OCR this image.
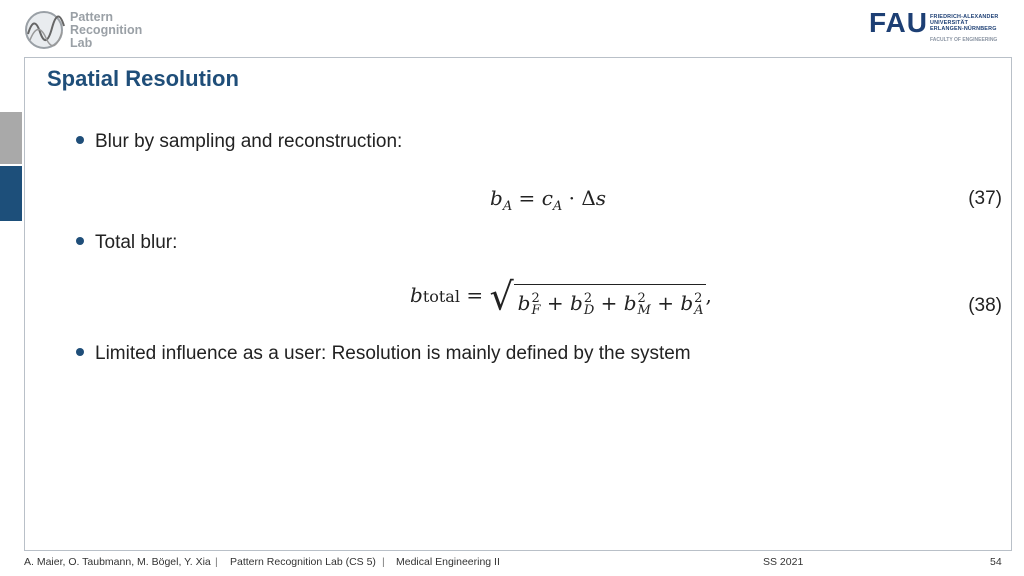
Pattern
Recognition
Lab
FAU FRIEDRICH-ALEXANDER
UNIVERSITÄT
ERLANGEN-NÜRNBERG
FACULTY OF ENGINEERING
Spatial Resolution
Blur by sampling and reconstruction:
$b_A = c_A \cdot \Delta s$	(37)
Total blur:
btotal = √ b 2
F + b 2
D + b 2
M + b 2
A
,	(38)
Limited influence as a user: Resolution is mainly defined by the system
A. Maier, O. Taubmann, M. Bögel, Y. Xia | Pattern Recognition Lab (CS 5) | Medical Engineering II	SS 2021	54
